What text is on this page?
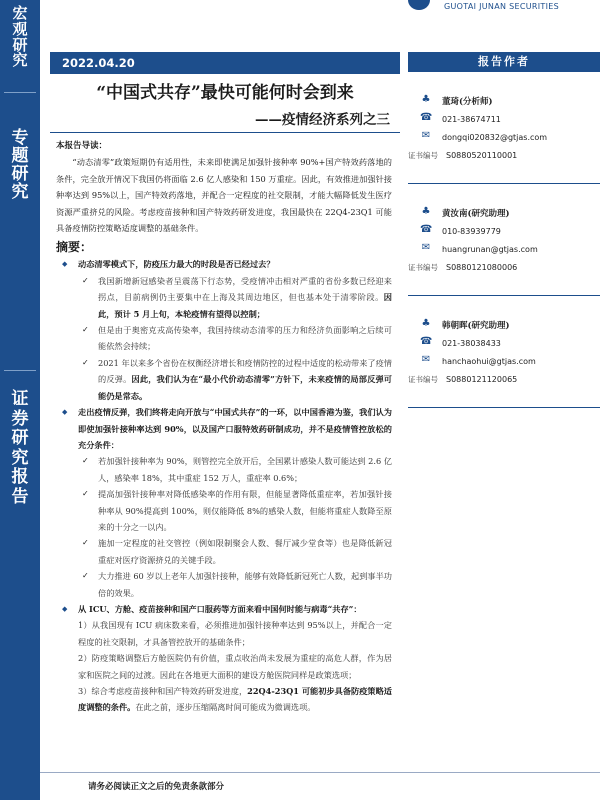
宏
观
研
究
专
题
研
究
证
券
研
究
报
告
GUOTAI JUNAN SECURITIES
2022.04.20
“中国式共存”最快可能何时会到来
——疫情经济系列之三
本报告导读：

“动态清零”政策短期仍有适用性，未来即使满足加强针接种率 90%+国产特效药落地的条件，完全放开情况下我国仍将面临 2.6 亿人感染和 150 万重症。因此，有效推进加强针接种率达到 95%以上，国产特效药落地，并配合一定程度的社交限制，才能大幅降低发生医疗资源严重挤兑的风险。考虑疫苗接种和国产特效药研发进度，我国最快在 22Q4-23Q1 可能具备疫情防控策略适度调整的基础条件。

摘要：

◆ 动态清零模式下，防疫压力最大的时段是否已经过去？

✓ 我国新增新冠感染者呈震荡下行态势，受疫情冲击相对严重的省份多数已经迎来拐点，目前病例仍主要集中在上海及其周边地区，但也基本处于清零阶段。因此，预计 5 月上旬，本轮疫情有望得以控制；

✓ 但是由于奥密克戎高传染率，我国持续动态清零的压力和经济负面影响之后续可能依然会持续；

✓ 2021 年以来多个省份在权衡经济增长和疫情防控的过程中适度的松动带来了疫情的反弹。因此，我们认为在“最小代价动态清零”方针下，未来疫情的局部反弹可能仍是常态。

◆ 走出疫情反弹，我们终将走向开放与“中国式共存”的一环，以中国香港为鉴，我们认为即使加强针接种率达到 90%，以及国产口服特效药研制成功，并不是疫情管控放松的充分条件：

✓ 若加强针接种率为 90%，则管控完全放开后，全国累计感染人数可能达到 2.6 亿人，感染率 18%，其中重症 152 万人，重症率 0.6%；

✓ 提高加强针接种率对降低感染率的作用有限，但能显著降低重症率，若加强针接种率从 90%提高到 100%，则仅能降低 8%的感染人数，但能将重症人数降至原来的十分之一以内。

✓ 施加一定程度的社交管控（例如限制聚会人数、餐厅减少堂食等）也是降低新冠重症对医疗资源挤兑的关键手段。

✓ 大力推进 60 岁以上老年人加强针接种，能够有效降低新冠死亡人数，起到事半功倍的效果。

◆ 从 ICU、方舱、疫苗接种和国产口服药等方面来看中国何时能与病毒“共存”：

1）从我国现有 ICU 病床数来看，必须推进加强针接种率达到 95%以上，并配合一定程度的社交限制，才具备管控放开的基础条件；

2）防疫策略调整后方舱医院仍有价值，重点收治尚未发展为重症的高危人群，作为居家和医院之间的过渡。因此在各地更大面积的建设方舱医院同样是政策选项；

3）综合考虑疫苗接种和国产特效药研发进度，22Q4-23Q1 可能初步具备防疫策略适度调整的条件。在此之前，逐步压缩隔离时间可能成为微调选项。

报告作者
♣ 董琦(分析师)
☎ 021-38674711
✉ dongqi020832@gtjas.com
证书编号 S0880520110001
♣ 黄汝南(研究助理)
☎ 010-83939779
✉ huangrunan@gtjas.com
证书编号 S0880121080006
♣ 韩朝晖(研究助理)
☎ 021-38038433
✉ hanchaohui@gtjas.com
证书编号 S0880121120065
请务必阅读正文之后的免责条款部分
